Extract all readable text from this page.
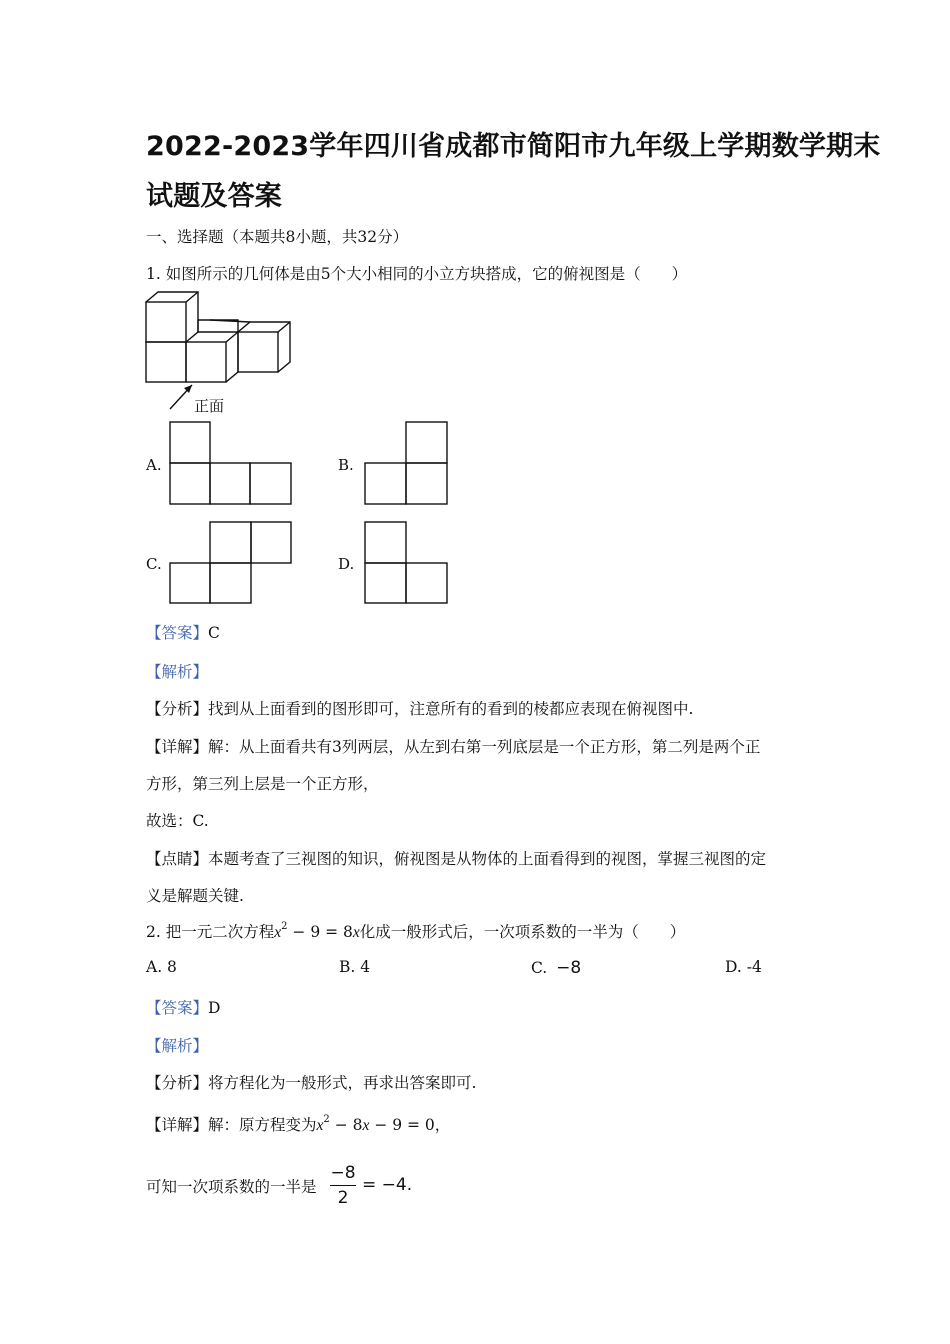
2022-2023学年四川省成都市简阳市九年级上学期数学期末
试题及答案
一、选择题（本题共8小题，共32分）
1. 如图所示的几何体是由5个大小相同的小立方块搭成，它的俯视图是（　　）
正面
A.	B.
C.	D.
【答案】C
【解析】
【分析】找到从上面看到的图形即可，注意所有的看到的棱都应表现在俯视图中.
【详解】解：从上面看共有3列两层，从左到右第一列底层是一个正方形，第二列是两个正
方形，第三列上层是一个正方形，
故选：C.
【点睛】本题考查了三视图的知识，俯视图是从物体的上面看得到的视图，掌握三视图的定
义是解题关键.
2. 把一元二次方程$x^2 - 9 = 8x$化成一般形式后，一次项系数的一半为（　　）
A. 8	B. 4	C. −8	D. -4
【答案】D
【解析】
【分析】将方程化为一般形式，再求出答案即可.
【详解】解：原方程变为$x^2 - 8x - 9 = 0$，
可知一次项系数的一半是
−8
2
= −4.
